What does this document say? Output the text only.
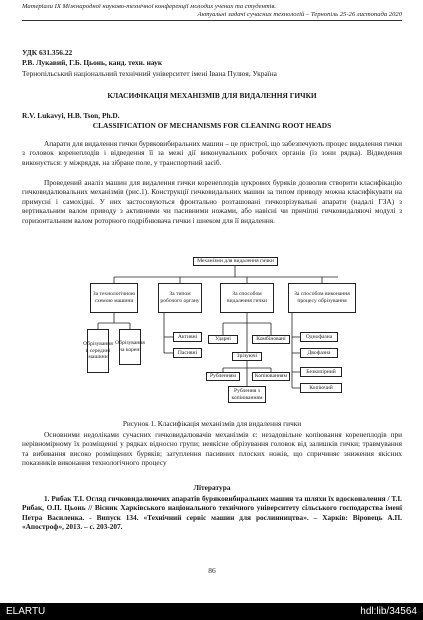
Матеріали IX Міжнародної науково-технічної конференції молодих учених та студентів.
Актуальні задачі сучасних технологій – Тернопіль 25-26 листопада 2020
УДК 631.356.22
Р.В. Лукавий, Г.Б. Цьонь, канд. техн. наук
Тернопільський національний технічний університет імені Івана Пулюя, Україна
КЛАСИФІКАЦІЯ МЕХАНІЗМІВ ДЛЯ ВИДАЛЕННЯ ГИЧКИ
R.V. Lukavyi, H.B. Tson, Ph.D.
CLASSIFICATION OF MECHANISMS FOR CLEANING ROOT HEADS
Апарати для видалення гички буряковибиральних машин – це пристрої, що забезпечують процес видалення гички з головок коренеплодів і відведення її за межі дії виконувальних робочих органів (із зони рядка). Відведення виконується: у міжряддя, на зібране поле, у транспортний засіб.
Проведений аналіз машин для видалення гички коренеплодів цукрових буряків дозволив створити класифікацію гичковидалювальних механізмів (рис.1). Конструкції гичковидальних машин за типом приводу можна класифікувати на примусні і самохідні. У них застосовуються фронтально розташовані гичкозрізувальні апарати (надалі ГЗА) з вертикальним валом приводу з активними чи пасивними ножами, або навісні чи причіпні гичковидаляючі модулі з горизонтальним валом роторного подрібнювача гички і шнеком для її видалення.
Механізми для видалення гички
За технологічною схемою машини
За типом робочого органу
За способом видалення гички
За способом виконання процесу обрізування
Обрізування в середині машини
Обрізування на корені
Активні
Пасивні
Ударні	Комбіновані
Зрізуючі
Рубленням	Копіюванням
Рублення з копіюванням
Однофазна
Двофазна
Безкопірний
Копіючий
Рисунок 1. Класифікація механізмів для видалення гички
Основними недоліками сучасних гичковидалювачів механізмів є: незадовільне копіювання коренеплодів при нерівномірному їх розміщенні у рядках відносно групи; неякісне обрізування головок від залишків гички; травмування та вибивання високо розміщених буряків; затуплення пасивних плоских ножів, що спричиняє зниження якісних показників виконання технологічного процесу
Література
1. Рибак Т.І. Огляд гичковидалюючих апаратів буряковибиральних машин та шляхи їх вдосконалення / Т.І. Рибак, О.П. Цьонь // Вісник Харківського національного технічного університету сільського господарства імені Петра Василенка. - Випуск 134. «Технічний сервіс машин для рослинництва». – Харків: Віровець А.П. «Апостроф», 2013. – с. 203-207.
86
ELARTU	hdl:lib/34564
